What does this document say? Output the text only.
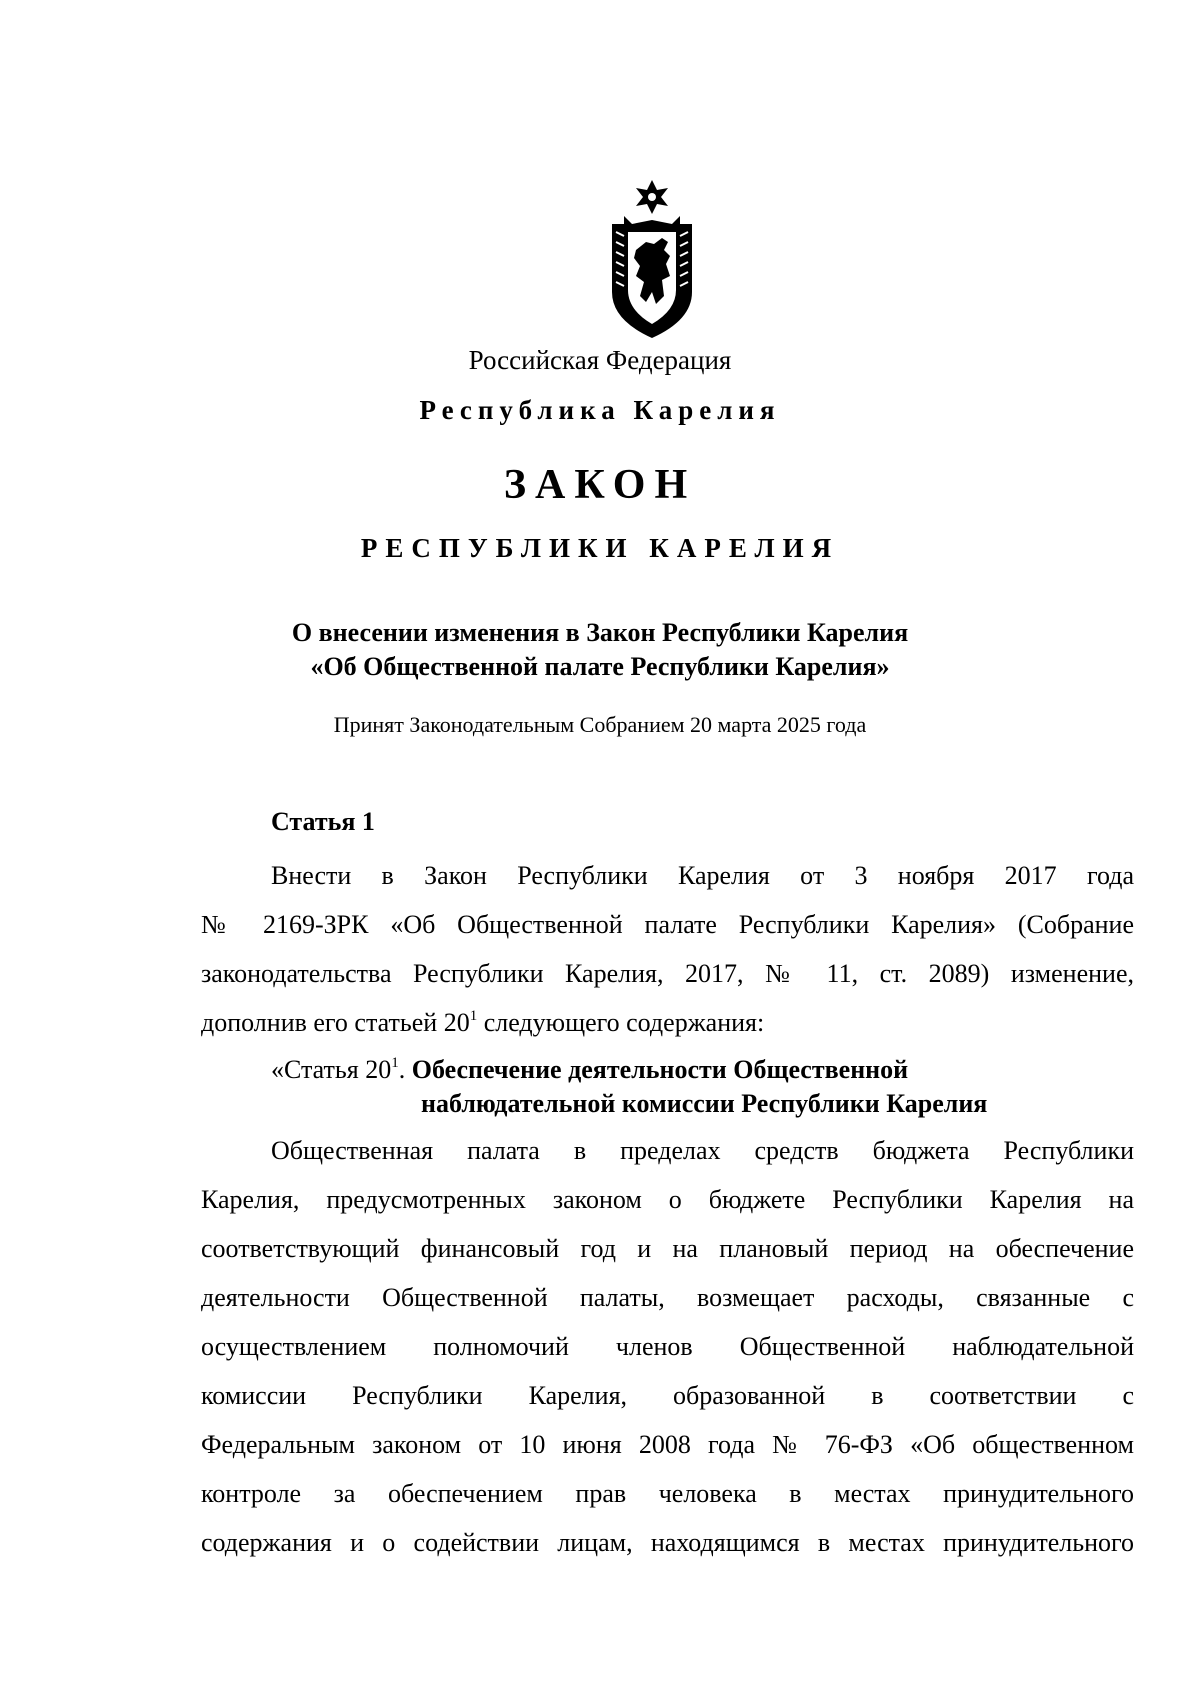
Российская Федерация
Республика Карелия
ЗАКОН
РЕСПУБЛИКИ КАРЕЛИЯ
О внесении изменения в Закон Республики Карелия
«Об Общественной палате Республики Карелия»
Принят Законодательным Собранием 20 марта 2025 года
Статья 1
Внести в Закон Республики Карелия от 3 ноября 2017 года
№ 2169-ЗРК «Об Общественной палате Республики Карелия» (Собрание
законодательства Республики Карелия, 2017, № 11, ст. 2089) изменение,
дополнив его статьей $20^1$ следующего содержания:
«Статья $20^1$. Обеспечение деятельности Общественной
наблюдательной комиссии Республики Карелия
Общественная палата в пределах средств бюджета Республики
Карелия, предусмотренных законом о бюджете Республики Карелия на
соответствующий финансовый год и на плановый период на обеспечение
деятельности Общественной палаты, возмещает расходы, связанные с
осуществлением полномочий членов Общественной наблюдательной
комиссии Республики Карелия, образованной в соответствии с
Федеральным законом от 10 июня 2008 года № 76-ФЗ «Об общественном
контроле за обеспечением прав человека в местах принудительного
содержания и о содействии лицам, находящимся в местах принудительного
